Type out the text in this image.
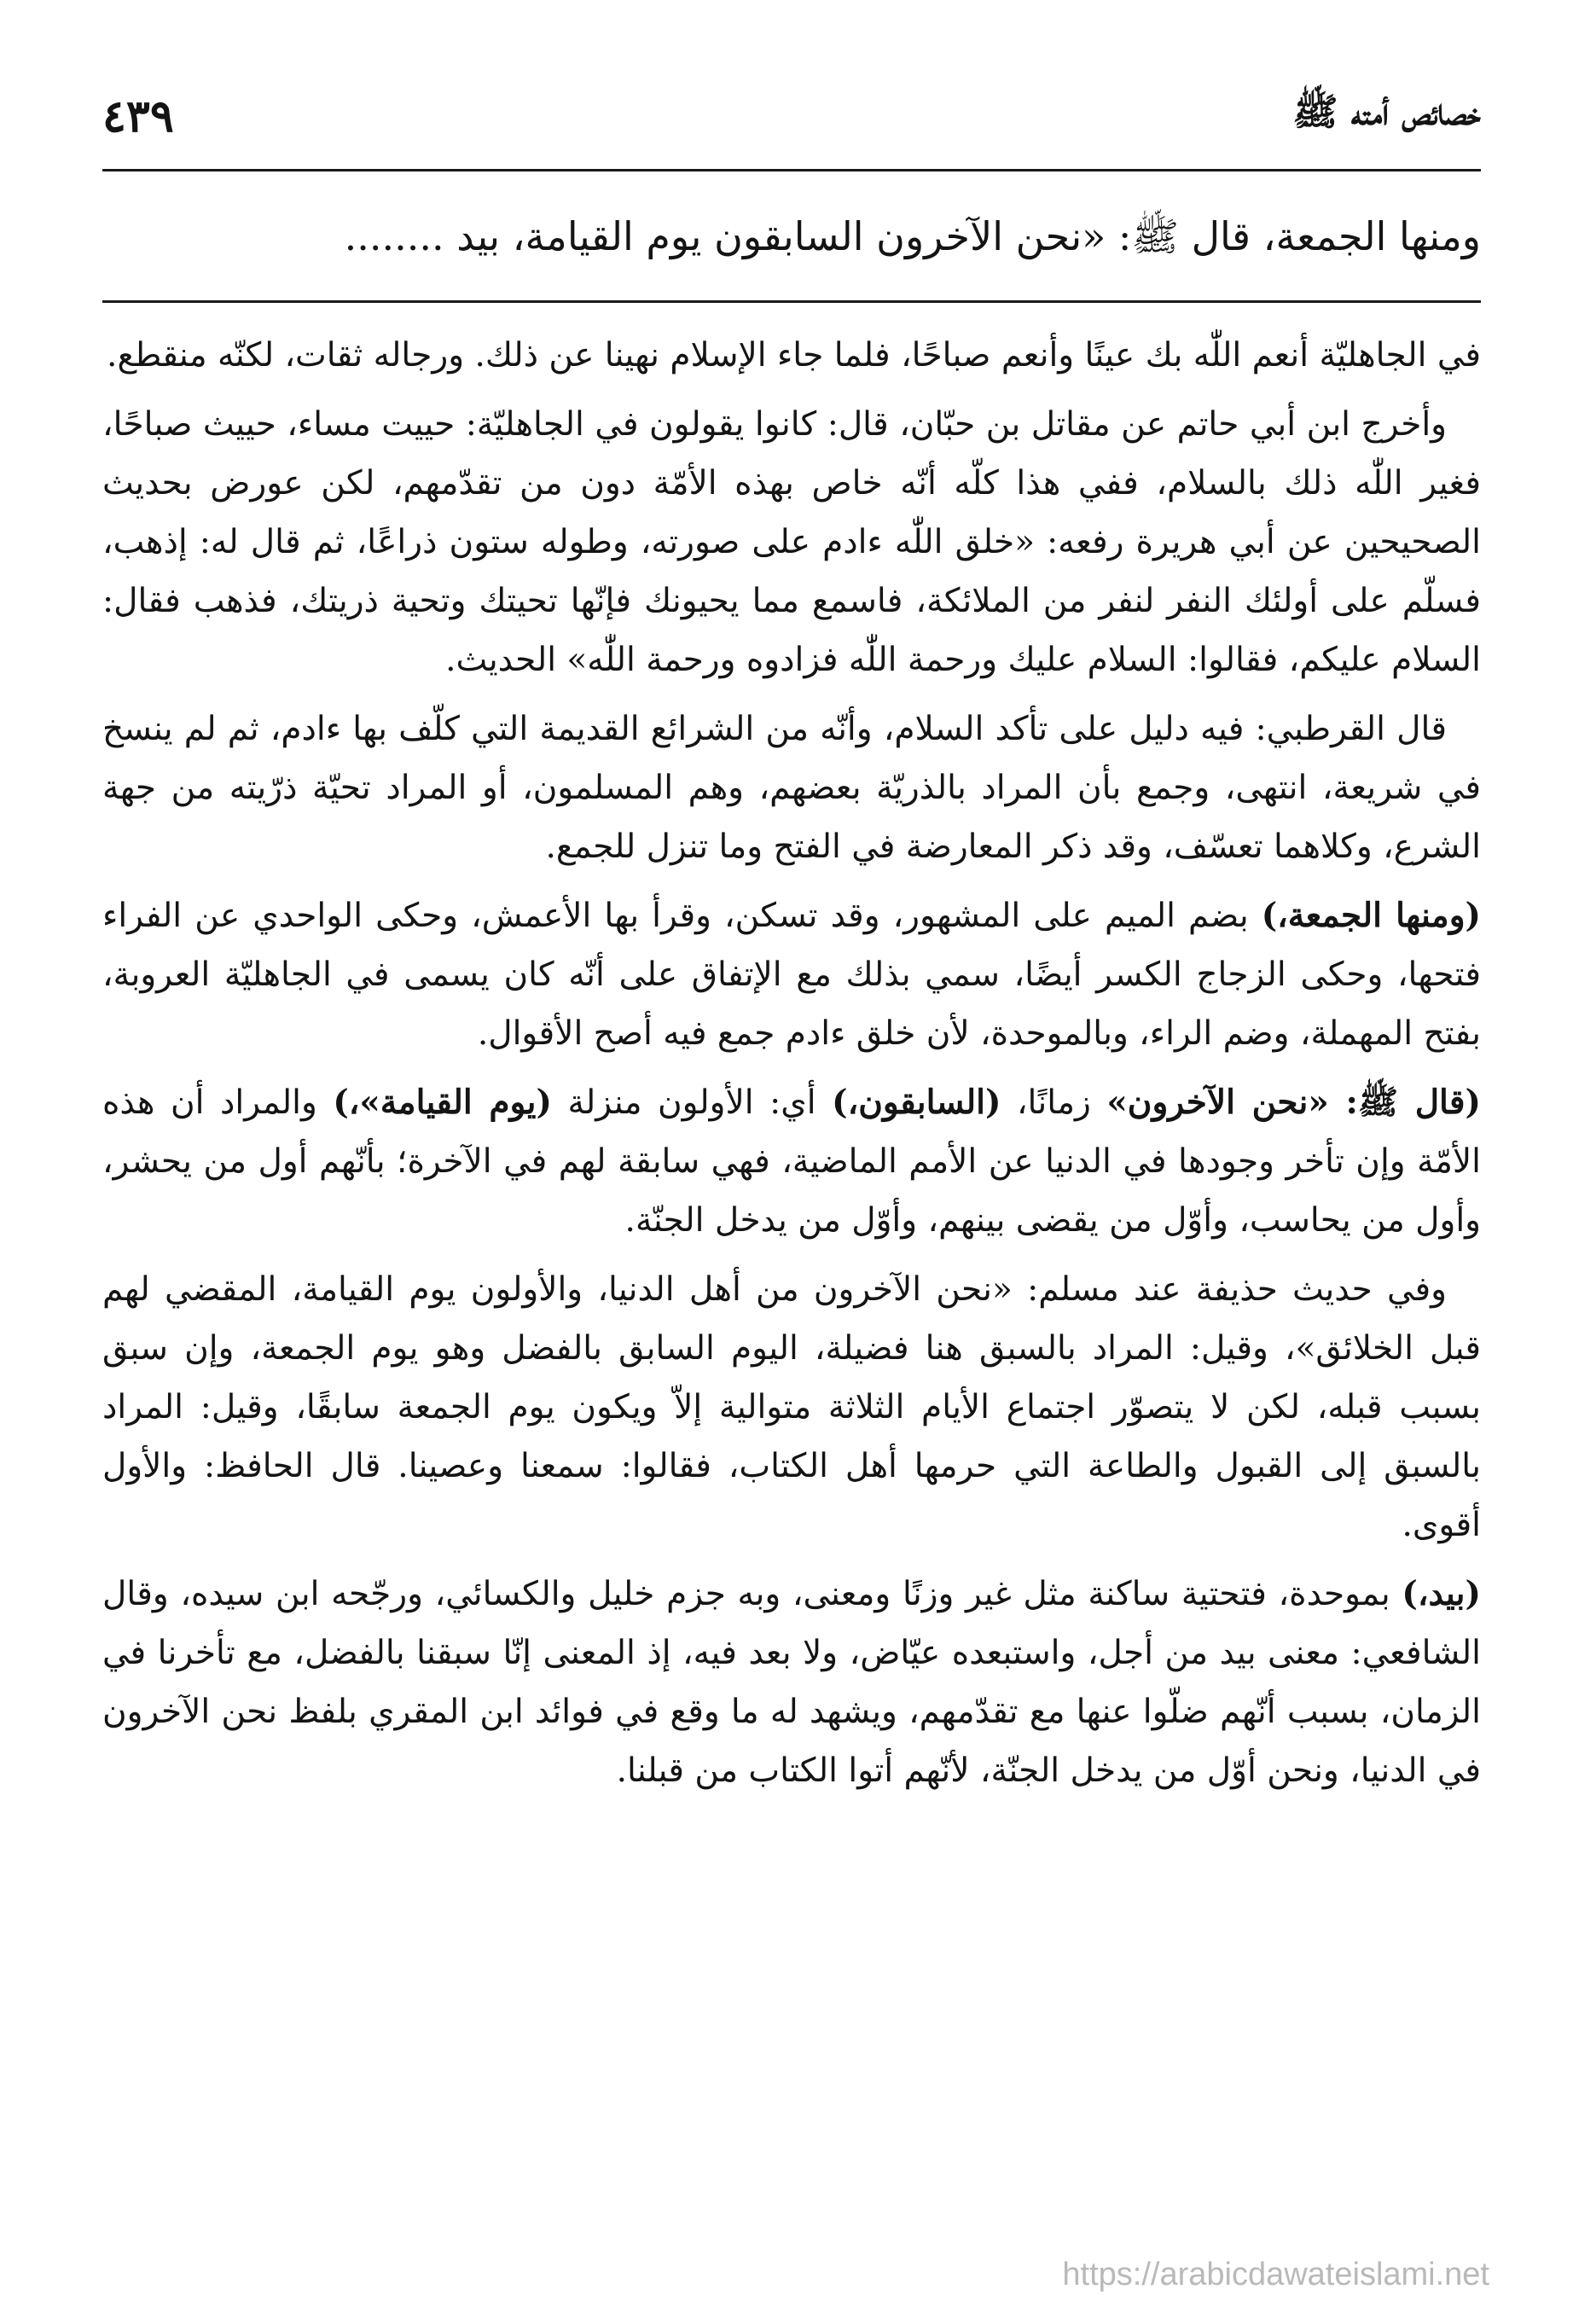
خصائص أمته ﷺ
٤٣٩
ومنها الجمعة، قال ﷺ: «نحن الآخرون السابقون يوم القيامة، بيد ........

في الجاهليّة أنعم اللّٰه بك عينًا وأنعم صباحًا، فلما جاء الإسلام نهينا عن ذلك. ورجاله ثقات، لكنّه منقطع.

وأخرج ابن أبي حاتم عن مقاتل بن حبّان، قال: كانوا يقولون في الجاهليّة: حييت مساء، حييث صباحًا، فغير اللّٰه ذلك بالسلام، ففي هذا كلّه أنّه خاص بهذه الأمّة دون من تقدّمهم، لكن عورض بحديث الصحيحين عن أبي هريرة رفعه: «خلق اللّٰه ءادم على صورته، وطوله ستون ذراعًا، ثم قال له: إذهب، فسلّم على أولئك النفر لنفر من الملائكة، فاسمع مما يحيونك فإنّها تحيتك وتحية ذريتك، فذهب فقال: السلام عليكم، فقالوا: السلام عليك ورحمة اللّٰه فزادوه ورحمة اللّٰه» الحديث.

قال القرطبي: فيه دليل على تأكد السلام، وأنّه من الشرائع القديمة التي كلّف بها ءادم، ثم لم ينسخ في شريعة، انتهى، وجمع بأن المراد بالذريّة بعضهم، وهم المسلمون، أو المراد تحيّة ذرّيته من جهة الشرع، وكلاهما تعسّف، وقد ذكر المعارضة في الفتح وما تنزل للجمع.

(ومنها الجمعة،) بضم الميم على المشهور، وقد تسكن، وقرأ بها الأعمش، وحكى الواحدي عن الفراء فتحها، وحكى الزجاج الكسر أيضًا، سمي بذلك مع الإتفاق على أنّه كان يسمى في الجاهليّة العروبة، بفتح المهملة، وضم الراء، وبالموحدة، لأن خلق ءادم جمع فيه أصح الأقوال.

(قال ﷺ: «نحن الآخرون» زمانًا، (السابقون،) أي: الأولون منزلة (يوم القيامة»،) والمراد أن هذه الأمّة وإن تأخر وجودها في الدنيا عن الأمم الماضية، فهي سابقة لهم في الآخرة؛ بأنّهم أول من يحشر، وأول من يحاسب، وأوّل من يقضى بينهم، وأوّل من يدخل الجنّة.

وفي حديث حذيفة عند مسلم: «نحن الآخرون من أهل الدنيا، والأولون يوم القيامة، المقضي لهم قبل الخلائق»، وقيل: المراد بالسبق هنا فضيلة، اليوم السابق بالفضل وهو يوم الجمعة، وإن سبق بسبب قبله، لكن لا يتصوّر اجتماع الأيام الثلاثة متوالية إلاّ ويكون يوم الجمعة سابقًا، وقيل: المراد بالسبق إلى القبول والطاعة التي حرمها أهل الكتاب، فقالوا: سمعنا وعصينا. قال الحافظ: والأول أقوى.

(بيد،) بموحدة، فتحتية ساكنة مثل غير وزنًا ومعنى، وبه جزم خليل والكسائي، ورجّحه ابن سيده، وقال الشافعي: معنى بيد من أجل، واستبعده عيّاض، ولا بعد فيه، إذ المعنى إنّا سبقنا بالفضل، مع تأخرنا في الزمان، بسبب أنّهم ضلّوا عنها مع تقدّمهم، ويشهد له ما وقع في فوائد ابن المقري بلفظ نحن الآخرون في الدنيا، ونحن أوّل من يدخل الجنّة، لأنّهم أتوا الكتاب من قبلنا.

https://arabicdawateislami.net
